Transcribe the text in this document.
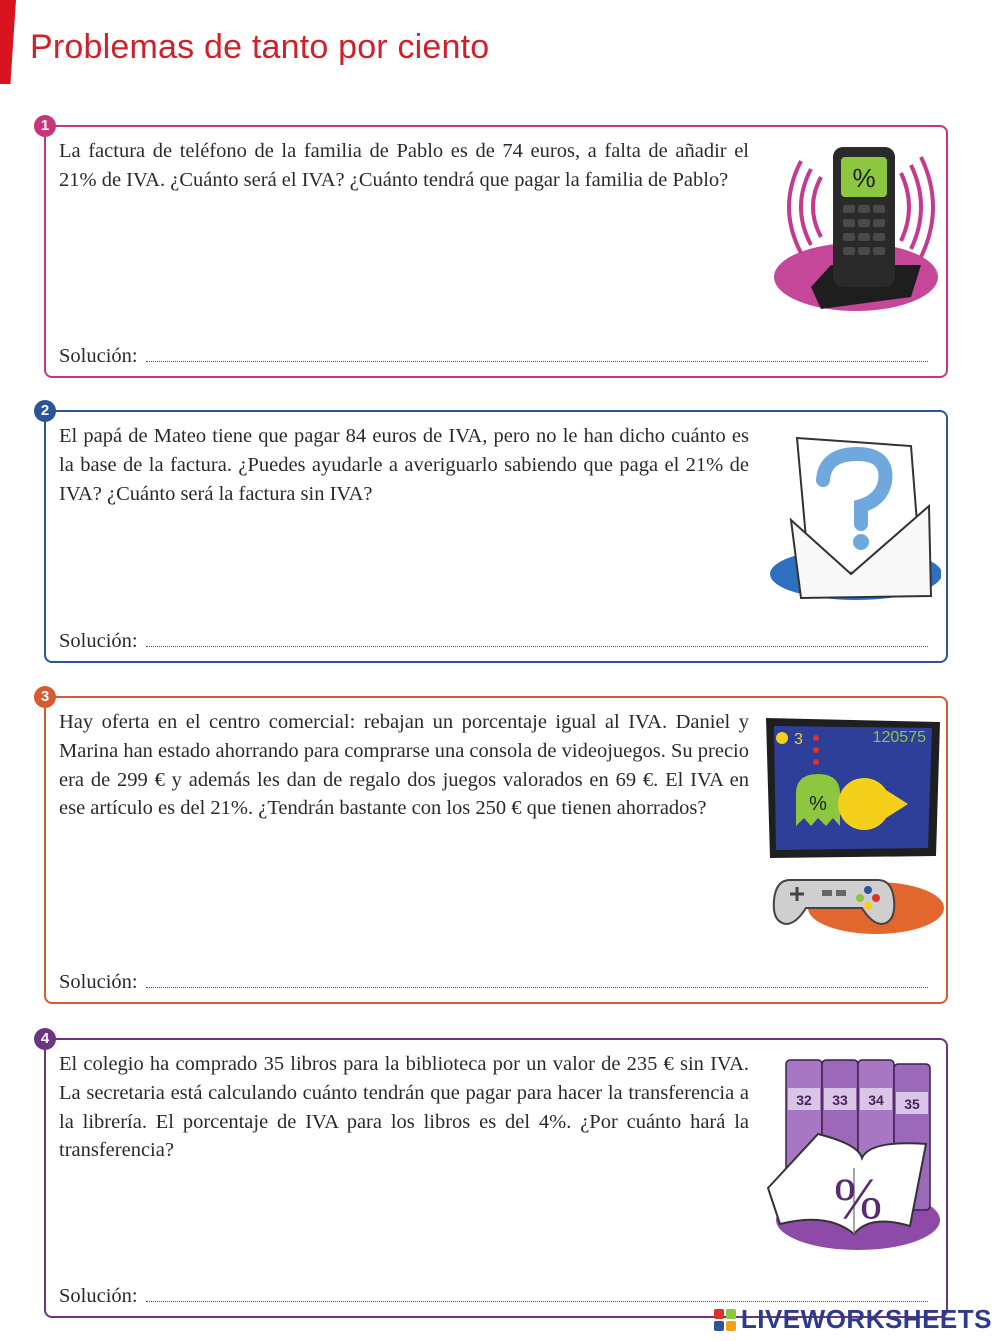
Problemas de tanto por ciento
1

La factura de teléfono de la familia de Pablo es de 74 euros, a falta de añadir el 21% de IVA. ¿Cuánto será el IVA? ¿Cuánto tendrá que pagar la familia de Pablo?	%
Solución:
2

El papá de Mateo tiene que pagar 84 euros de IVA, pero no le han dicho cuánto es la base de la factura. ¿Puedes ayudarle a averiguarlo sabiendo que paga el 21% de IVA? ¿Cuánto será la factura sin IVA?

Solución:
3

Hay oferta en el centro comercial: rebajan un porcentaje igual al IVA. Daniel y Marina han estado ahorrando para comprarse una consola de videojuegos. Su precio era de 299 € y además les dan de regalo dos juegos valorados en 69 €. El IVA en ese artículo es del 21%. ¿Tendrán bastante con los 250 € que tienen ahorrados?

3	120575
%
Solución:
4

El colegio ha comprado 35 libros para la biblioteca por un valor de 235 € sin IVA. La secretaria está calculando cuánto tendrán que pagar para hacer la transferencia a la librería. El porcentaje de IVA para los libros es del 4%. ¿Por cuánto hará la transferencia?

32 33 34 35
%
Solución:
LIVEWORKSHEETS
